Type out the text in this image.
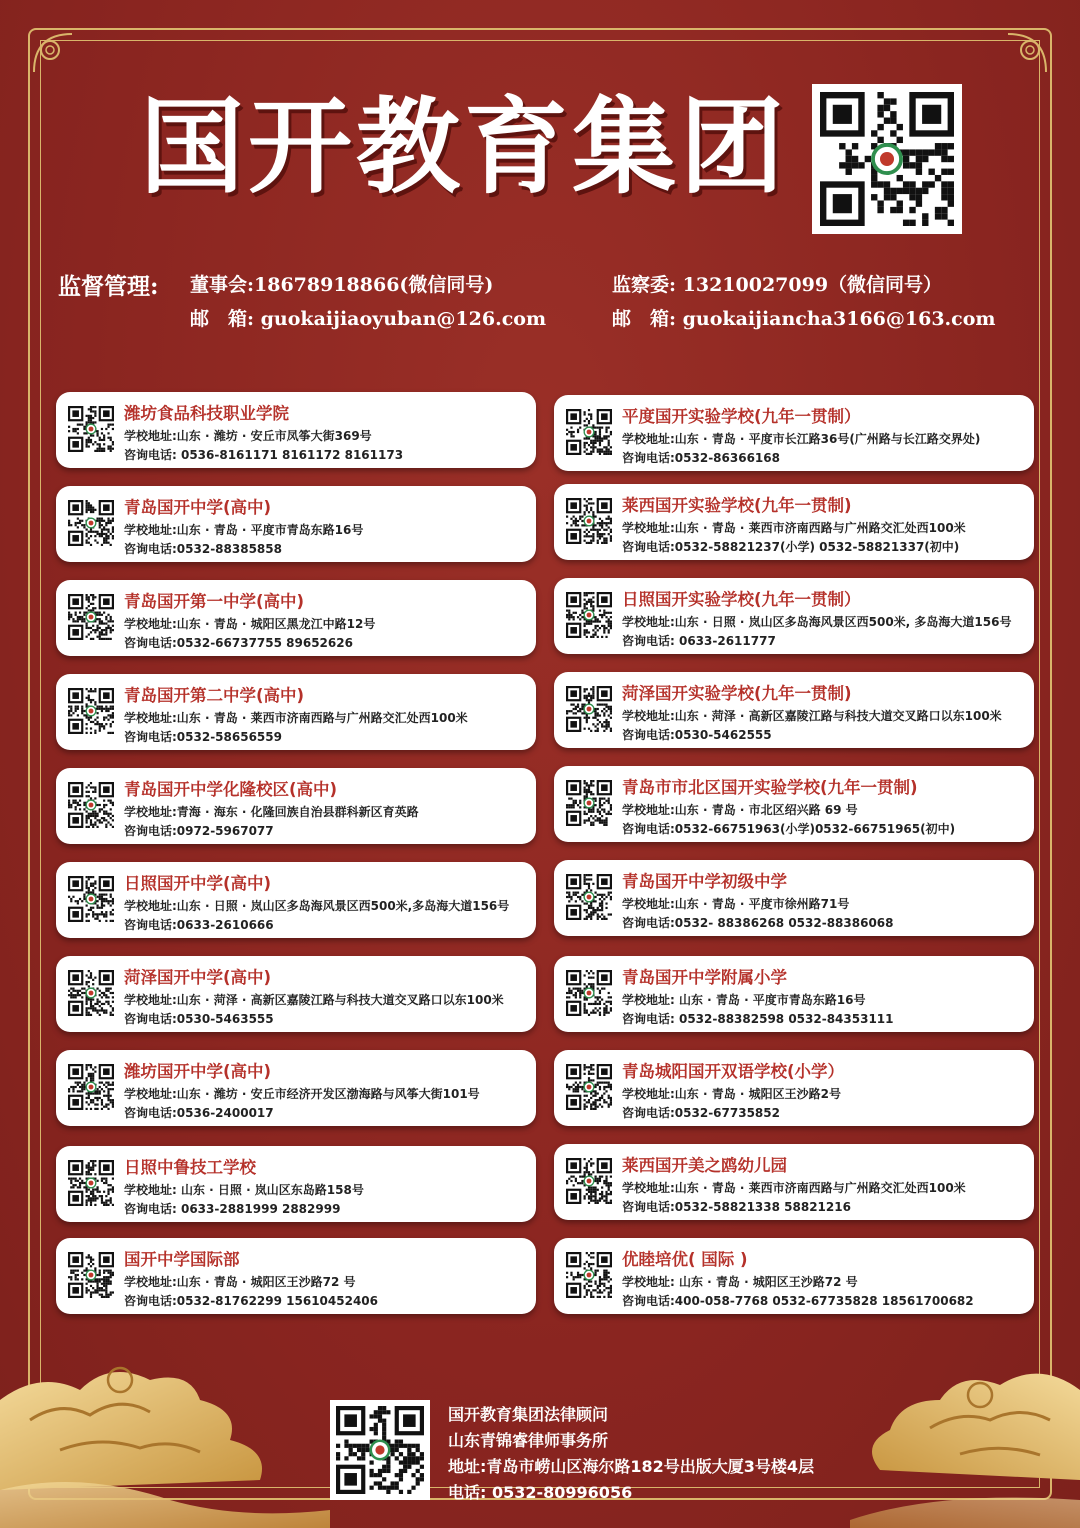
国开教育集团
监督管理: 董事会:18678918866(微信同号)
邮　箱: guokaijiaoyuban@126.com
监察委: 13210027099（微信同号）
邮　箱: guokaijiancha3166@163.com
潍坊食品科技职业学院
学校地址:山东 · 潍坊 · 安丘市凤筝大街369号
咨询电话: 0536-8161171 8161172 8161173
青岛国开中学(高中)
学校地址:山东 · 青岛 · 平度市青岛东路16号
咨询电话:0532-88385858
青岛国开第一中学(高中)
学校地址:山东 · 青岛 · 城阳区黑龙江中路12号
咨询电话:0532-66737755 89652626
青岛国开第二中学(高中)
学校地址:山东 · 青岛 · 莱西市济南西路与广州路交汇处西100米
咨询电话:0532-58656559
青岛国开中学化隆校区(高中)
学校地址:青海 · 海东 · 化隆回族自治县群科新区育英路
咨询电话:0972-5967077
日照国开中学(高中)
学校地址:山东 · 日照 · 岚山区多岛海风景区西500米,多岛海大道156号
咨询电话:0633-2610666
菏泽国开中学(高中)
学校地址:山东 · 菏泽 · 高新区嘉陵江路与科技大道交叉路口以东100米
咨询电话:0530-5463555
潍坊国开中学(高中)
学校地址:山东 · 潍坊 · 安丘市经济开发区渤海路与风筝大街101号
咨询电话:0536-2400017
日照中鲁技工学校
学校地址: 山东 · 日照 · 岚山区东岛路158号
咨询电话: 0633-2881999 2882999
国开中学国际部
学校地址:山东 · 青岛 · 城阳区王沙路72 号
咨询电话:0532-81762299 15610452406
平度国开实验学校(九年一贯制）
学校地址:山东 · 青岛 · 平度市长江路36号(广州路与长江路交界处)
咨询电话:0532-86366168
莱西国开实验学校(九年一贯制)
学校地址:山东 · 青岛 · 莱西市济南西路与广州路交汇处西100米
咨询电话:0532-58821237(小学) 0532-58821337(初中)
日照国开实验学校(九年一贯制）
学校地址:山东 · 日照 · 岚山区多岛海风景区西500米, 多岛海大道156号
咨询电话: 0633-2611777
菏泽国开实验学校(九年一贯制)
学校地址:山东 · 菏泽 · 高新区嘉陵江路与科技大道交叉路口以东100米
咨询电话:0530-5462555
青岛市市北区国开实验学校(九年一贯制)
学校地址:山东 · 青岛 · 市北区绍兴路 69 号
咨询电话:0532-66751963(小学)0532-66751965(初中)
青岛国开中学初级中学
学校地址:山东 · 青岛 · 平度市徐州路71号
咨询电话:0532- 88386268 0532-88386068
青岛国开中学附属小学
学校地址: 山东 · 青岛 · 平度市青岛东路16号
咨询电话: 0532-88382598 0532-84353111
青岛城阳国开双语学校(小学）
学校地址:山东 · 青岛 · 城阳区王沙路2号
咨询电话:0532-67735852
莱西国开美之鸥幼儿园
学校地址:山东 · 青岛 · 莱西市济南西路与广州路交汇处西100米
咨询电话:0532-58821338 58821216
优睦培优( 国际 )
学校地址: 山东 · 青岛 · 城阳区王沙路72 号
咨询电话:400-058-7768 0532-67735828 18561700682
国开教育集团法律顾问
山东青锦睿律师事务所
地址:青岛市崂山区海尔路182号出版大厦3号楼4层
电话: 0532-80996056
